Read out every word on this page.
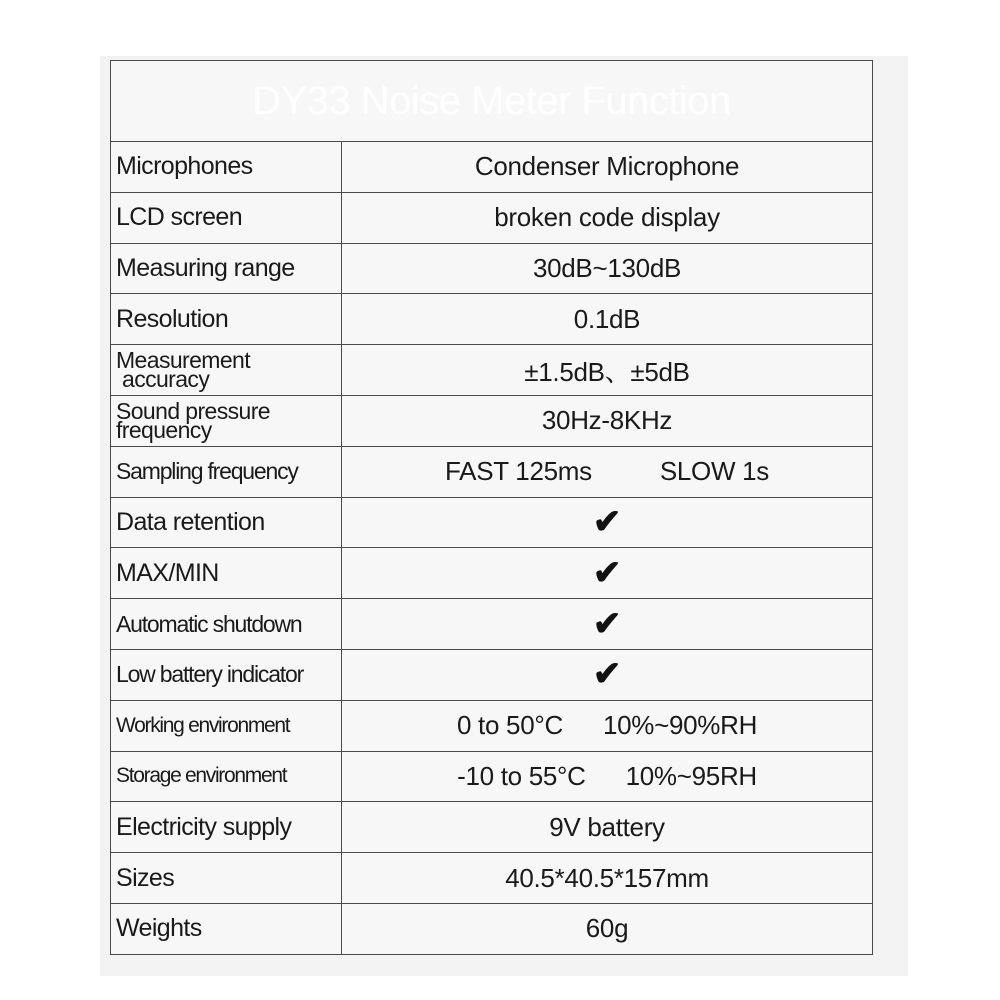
DY33 Noise Meter Function	
Microphones	Condenser Microphone
LCD screen	broken code display
Measuring range	30dB~130dB
Resolution	0.1dB
Measurement
accuracy	±1.5dB、±5dB
Sound pressure
frequency	30Hz-8KHz
Sampling frequency	FAST 125ms SLOW 1s
Data retention	✔
MAX/MIN	✔
Automatic shutdown	✔
Low battery indicator	✔
Working environment	0 to 50°C 10%~90%RH
Storage environment	-10 to 55°C 10%~95RH
Electricity supply	9V battery
Sizes	40.5*40.5*157mm
Weights	60g
